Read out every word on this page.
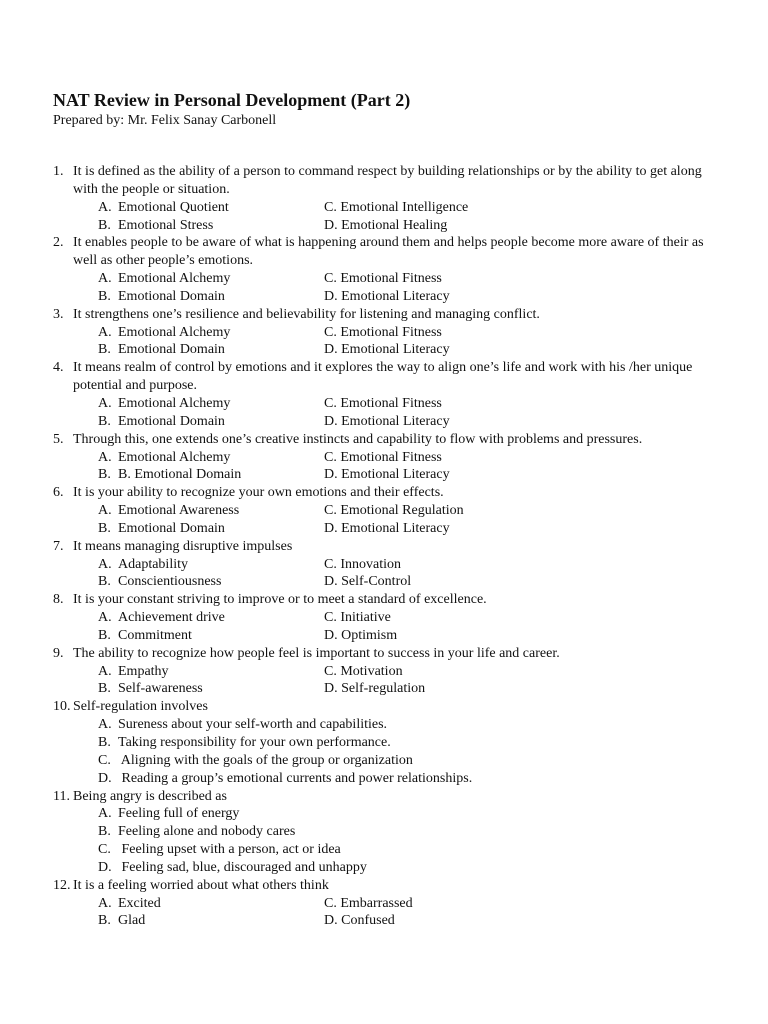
NAT Review in Personal Development (Part 2)

Prepared by: Mr. Felix Sanay Carbonell

1. It is defined as the ability of a person to command respect by building relationships or by the ability to get along with the people or situation.
A. Emotional Quotient	C. Emotional Intelligence
B. Emotional Stress	D. Emotional Healing
2. It enables people to be aware of what is happening around them and helps people become more aware of their as well as other people’s emotions.
A. Emotional Alchemy	C. Emotional Fitness
B. Emotional Domain	D. Emotional Literacy
3. It strengthens one’s resilience and believability for listening and managing conflict.
A. Emotional Alchemy	C. Emotional Fitness
B. Emotional Domain	D. Emotional Literacy
4. It means realm of control by emotions and it explores the way to align one’s life and work with his /her unique potential and purpose.
A. Emotional Alchemy	C. Emotional Fitness
B. Emotional Domain	D. Emotional Literacy
5. Through this, one extends one’s creative instincts and capability to flow with problems and pressures.
A. Emotional Alchemy	C. Emotional Fitness
B. B. Emotional Domain	D. Emotional Literacy
6. It is your ability to recognize your own emotions and their effects.
A. Emotional Awareness	C. Emotional Regulation
B. Emotional Domain	D. Emotional Literacy
7. It means managing disruptive impulses
A. Adaptability	C. Innovation
B. Conscientiousness	D. Self-Control
8. It is your constant striving to improve or to meet a standard of excellence.
A. Achievement drive	C. Initiative
B. Commitment	D. Optimism
9. The ability to recognize how people feel is important to success in your life and career.
A. Empathy	C. Motivation
B. Self-awareness	D. Self-regulation
10. Self-regulation involves
A. Sureness about your self-worth and capabilities.
B. Taking responsibility for your own performance.
C. Aligning with the goals of the group or organization
D. Reading a group’s emotional currents and power relationships.
11. Being angry is described as
A. Feeling full of energy
B. Feeling alone and nobody cares
C. Feeling upset with a person, act or idea
D. Feeling sad, blue, discouraged and unhappy
12. It is a feeling worried about what others think
A. Excited	C. Embarrassed
B. Glad	D. Confused
